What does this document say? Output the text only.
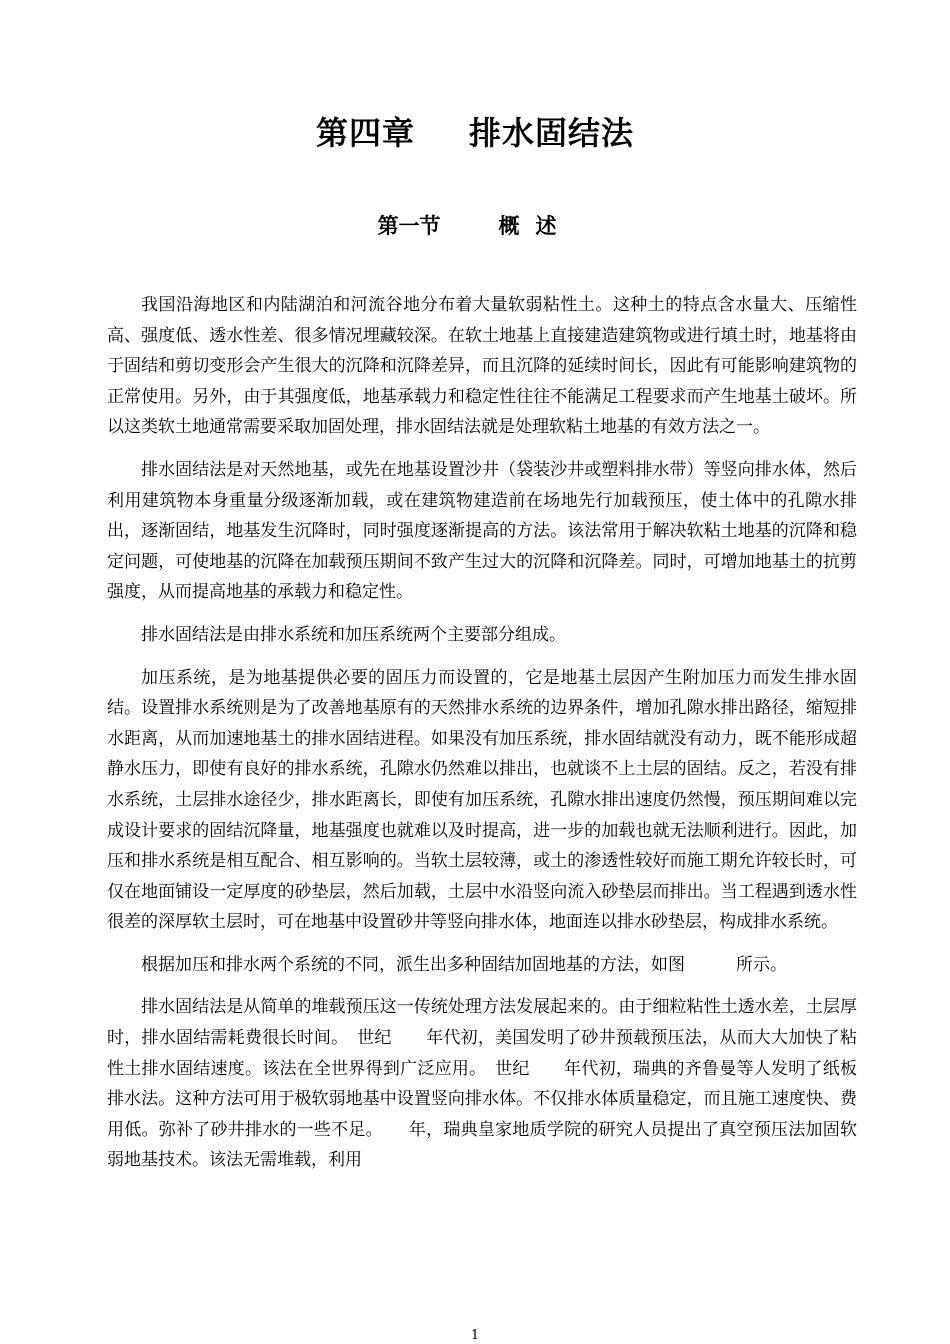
第四章 排水固结法
第一节	概述

我国沿海地区和内陆湖泊和河流谷地分布着大量软弱粘性土。这种土的特点含水量大、压缩性高、强度低、透水性差、很多情况埋藏较深。在软土地基上直接建造建筑物或进行填土时，地基将由于固结和剪切变形会产生很大的沉降和沉降差异，而且沉降的延续时间长，因此有可能影响建筑物的正常使用。另外，由于其强度低，地基承载力和稳定性往往不能满足工程要求而产生地基土破坏。所以这类软土地通常需要采取加固处理，排水固结法就是处理软粘土地基的有效方法之一。

排水固结法是对天然地基，或先在地基设置沙井（袋装沙井或塑料排水带）等竖向排水体，然后利用建筑物本身重量分级逐渐加载，或在建筑物建造前在场地先行加载预压，使土体中的孔隙水排出，逐渐固结，地基发生沉降时，同时强度逐渐提高的方法。该法常用于解决软粘土地基的沉降和稳定问题，可使地基的沉降在加载预压期间不致产生过大的沉降和沉降差。同时，可增加地基土的抗剪强度，从而提高地基的承载力和稳定性。

排水固结法是由排水系统和加压系统两个主要部分组成。

加压系统，是为地基提供必要的固压力而设置的，它是地基土层因产生附加压力而发生排水固结。设置排水系统则是为了改善地基原有的天然排水系统的边界条件，增加孔隙水排出路径，缩短排水距离，从而加速地基土的排水固结进程。如果没有加压系统，排水固结就没有动力，既不能形成超静水压力，即使有良好的排水系统，孔隙水仍然难以排出，也就谈不上土层的固结。反之，若没有排水系统，土层排水途径少，排水距离长，即使有加压系统，孔隙水排出速度仍然慢，预压期间难以完成设计要求的固结沉降量，地基强度也就难以及时提高，进一步的加载也就无法顺利进行。因此，加压和排水系统是相互配合、相互影响的。当软土层较薄，或土的渗透性较好而施工期允许较长时，可仅在地面铺设一定厚度的砂垫层，然后加载，土层中水沿竖向流入砂垫层而排出。当工程遇到透水性很差的深厚软土层时，可在地基中设置砂井等竖向排水体，地面连以排水砂垫层，构成排水系统。

根据加压和排水两个系统的不同，派生出多种固结加固地基的方法，如图　　　所示。

排水固结法是从简单的堆载预压这一传统处理方法发展起来的。由于细粒粘性土透水差，土层厚时，排水固结需耗费很长时间。　世纪　　年代初，美国发明了砂井预载预压法，从而大大加快了粘性土排水固结速度。该法在全世界得到广泛应用。　世纪　　年代初，瑞典的齐鲁曼等人发明了纸板排水法。这种方法可用于极软弱地基中设置竖向排水体。不仅排水体质量稳定，而且施工速度快、费用低。弥补了砂井排水的一些不足。　　年，瑞典皇家地质学院的研究人员提出了真空预压法加固软弱地基技术。该法无需堆载，利用

1
